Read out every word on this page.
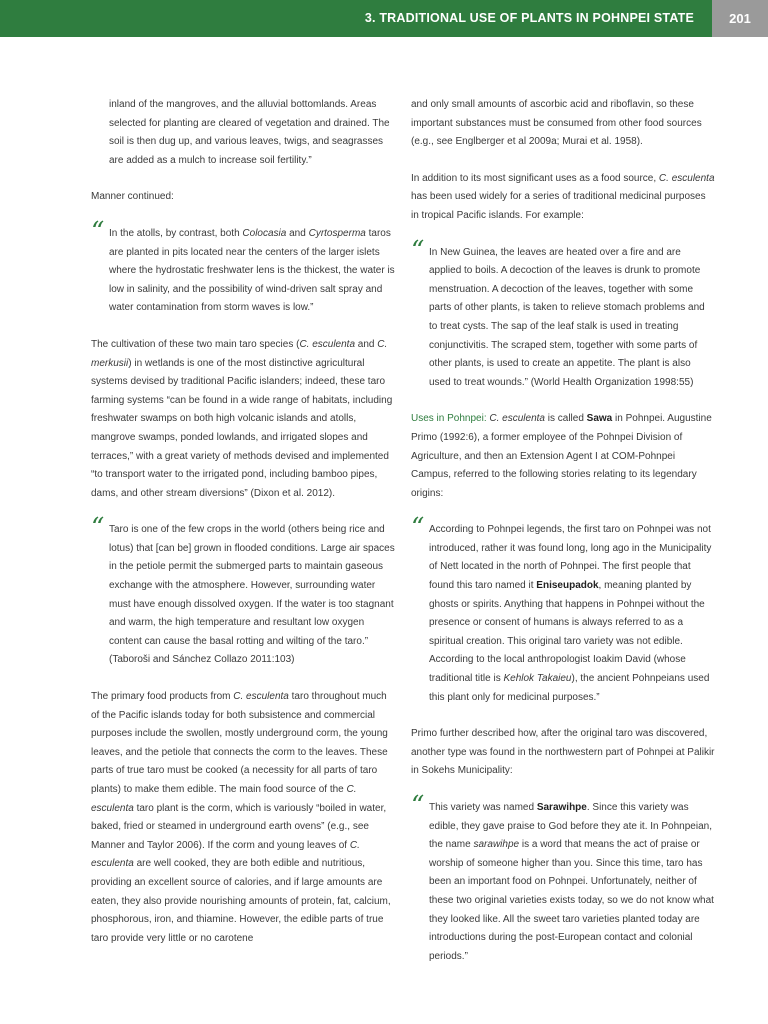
3. TRADITIONAL USE OF PLANTS IN POHNPEI STATE	201

inland of the mangroves, and the alluvial bottomlands. Areas selected for planting are cleared of vegetation and drained. The soil is then dug up, and various leaves, twigs, and seagrasses are added as a mulch to increase soil fertility.”

Manner continued:

“ In the atolls, by contrast, both Colocasia and Cyrtosperma taros are planted in pits located near the centers of the larger islets where the hydrostatic freshwater lens is the thickest, the water is low in salinity, and the possibility of wind-driven salt spray and water contamination from storm waves is low.”

The cultivation of these two main taro species (C. esculenta and C. merkusii) in wetlands is one of the most distinctive agricultural systems devised by traditional Pacific islanders; indeed, these taro farming systems “can be found in a wide range of habitats, including freshwater swamps on both high volcanic islands and atolls, mangrove swamps, ponded lowlands, and irrigated slopes and terraces,” with a great variety of methods devised and implemented “to transport water to the irrigated pond, including bamboo pipes, dams, and other stream diversions” (Dixon et al. 2012).

“ Taro is one of the few crops in the world (others being rice and lotus) that [can be] grown in flooded conditions. Large air spaces in the petiole permit the submerged parts to maintain gaseous exchange with the atmosphere. However, surrounding water must have enough dissolved oxygen. If the water is too stagnant and warm, the high temperature and resultant low oxygen content can cause the basal rotting and wilting of the taro.” (Taboroši and Sánchez Collazo 2011:103)

The primary food products from C. esculenta taro throughout much of the Pacific islands today for both subsistence and commercial purposes include the swollen, mostly underground corm, the young leaves, and the petiole that connects the corm to the leaves. These parts of true taro must be cooked (a necessity for all parts of taro plants) to make them edible. The main food source of the C. esculenta taro plant is the corm, which is variously “boiled in water, baked, fried or steamed in underground earth ovens” (e.g., see Manner and Taylor 2006). If the corm and young leaves of C. esculenta are well cooked, they are both edible and nutritious, providing an excellent source of calories, and if large amounts are eaten, they also provide nourishing amounts of protein, fat, calcium, phosphorous, iron, and thiamine. However, the edible parts of true taro provide very little or no carotene

and only small amounts of ascorbic acid and riboflavin, so these important substances must be consumed from other food sources (e.g., see Englberger et al 2009a; Murai et al. 1958).

In addition to its most significant uses as a food source, C. esculenta has been used widely for a series of traditional medicinal purposes in tropical Pacific islands. For example:

“ In New Guinea, the leaves are heated over a fire and are applied to boils. A decoction of the leaves is drunk to promote menstruation. A decoction of the leaves, together with some parts of other plants, is taken to relieve stomach problems and to treat cysts. The sap of the leaf stalk is used in treating conjunctivitis. The scraped stem, together with some parts of other plants, is used to create an appetite. The plant is also used to treat wounds.” (World Health Organization 1998:55)

Uses in Pohnpei: C. esculenta is called Sawa in Pohnpei. Augustine Primo (1992:6), a former employee of the Pohnpei Division of Agriculture, and then an Extension Agent I at COM-Pohnpei Campus, referred to the following stories relating to its legendary origins:

“ According to Pohnpei legends, the first taro on Pohnpei was not introduced, rather it was found long, long ago in the Municipality of Nett located in the north of Pohnpei. The first people that found this taro named it Eniseupadok, meaning planted by ghosts or spirits. Anything that happens in Pohnpei without the presence or consent of humans is always referred to as a spiritual creation. This original taro variety was not edible. According to the local anthropologist Ioakim David (whose traditional title is Kehlok Takaieu), the ancient Pohnpeians used this plant only for medicinal purposes.”

Primo further described how, after the original taro was discovered, another type was found in the northwestern part of Pohnpei at Palikir in Sokehs Municipality:

“ This variety was named Sarawihpe. Since this variety was edible, they gave praise to God before they ate it. In Pohnpeian, the name sarawihpe is a word that means the act of praise or worship of someone higher than you. Since this time, taro has been an important food on Pohnpei. Unfortunately, neither of these two original varieties exists today, so we do not know what they looked like. All the sweet taro varieties planted today are introductions during the post-European contact and colonial periods.”
